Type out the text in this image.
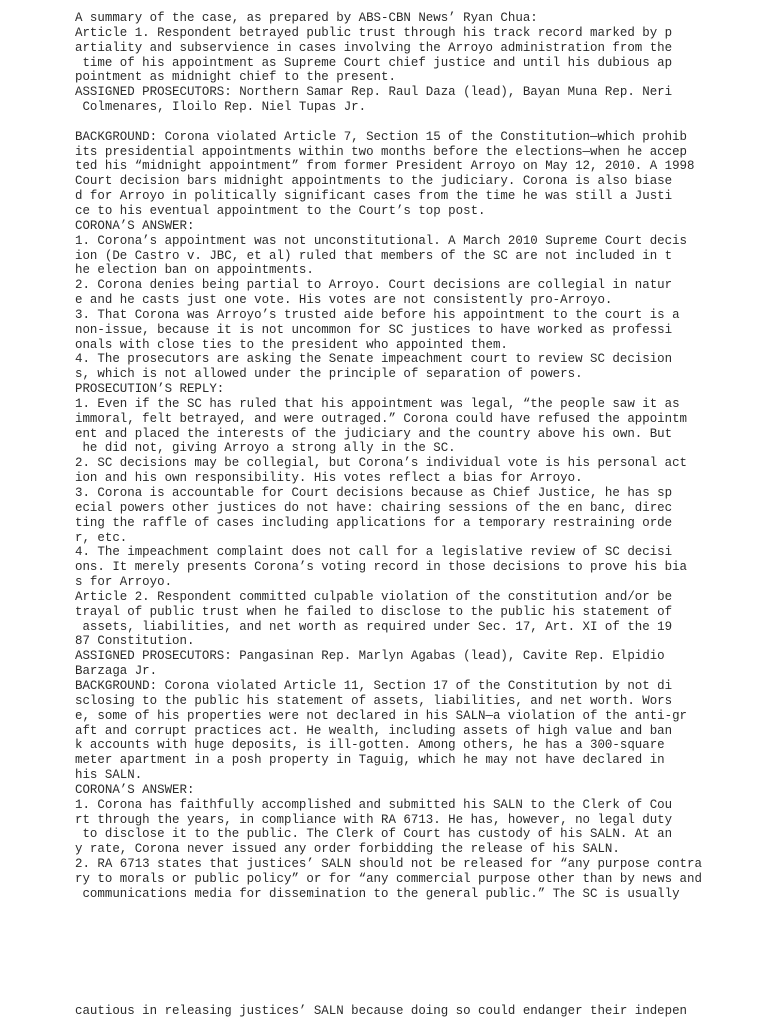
A summary of the case, as prepared by ABS-CBN News’ Ryan Chua:
Article 1. Respondent betrayed public trust through his track record marked by p
artiality and subservience in cases involving the Arroyo administration from the
time of his appointment as Supreme Court chief justice and until his dubious ap
pointment as midnight chief to the present.
ASSIGNED PROSECUTORS: Northern Samar Rep. Raul Daza (lead), Bayan Muna Rep. Neri
Colmenares, Iloilo Rep. Niel Tupas Jr.
BACKGROUND: Corona violated Article 7, Section 15 of the Constitution—which prohib
its presidential appointments within two months before the elections—when he accep
ted his “midnight appointment” from former President Arroyo on May 12, 2010. A 1998
Court decision bars midnight appointments to the judiciary. Corona is also biase
d for Arroyo in politically significant cases from the time he was still a Justi
ce to his eventual appointment to the Court’s top post.
CORONA’S ANSWER:
1. Corona’s appointment was not unconstitutional. A March 2010 Supreme Court decis
ion (De Castro v. JBC, et al) ruled that members of the SC are not included in t
he election ban on appointments.
2. Corona denies being partial to Arroyo. Court decisions are collegial in natur
e and he casts just one vote. His votes are not consistently pro-Arroyo.
3. That Corona was Arroyo’s trusted aide before his appointment to the court is a
non-issue, because it is not uncommon for SC justices to have worked as professi
onals with close ties to the president who appointed them.
4. The prosecutors are asking the Senate impeachment court to review SC decision
s, which is not allowed under the principle of separation of powers.
PROSECUTION’S REPLY:
1. Even if the SC has ruled that his appointment was legal, “the people saw it as
immoral, felt betrayed, and were outraged.” Corona could have refused the appointm
ent and placed the interests of the judiciary and the country above his own. But
he did not, giving Arroyo a strong ally in the SC.
2. SC decisions may be collegial, but Corona’s individual vote is his personal act
ion and his own responsibility. His votes reflect a bias for Arroyo.
3. Corona is accountable for Court decisions because as Chief Justice, he has sp
ecial powers other justices do not have: chairing sessions of the en banc, direc
ting the raffle of cases including applications for a temporary restraining orde
r, etc.
4. The impeachment complaint does not call for a legislative review of SC decisi
ons. It merely presents Corona’s voting record in those decisions to prove his bia
s for Arroyo.
Article 2. Respondent committed culpable violation of the constitution and/or be
trayal of public trust when he failed to disclose to the public his statement of
assets, liabilities, and net worth as required under Sec. 17, Art. XI of the 19
87 Constitution.
ASSIGNED PROSECUTORS: Pangasinan Rep. Marlyn Agabas (lead), Cavite Rep. Elpidio
Barzaga Jr.
BACKGROUND: Corona violated Article 11, Section 17 of the Constitution by not di
sclosing to the public his statement of assets, liabilities, and net worth. Wors
e, some of his properties were not declared in his SALN—a violation of the anti-gr
aft and corrupt practices act. He wealth, including assets of high value and ban
k accounts with huge deposits, is ill-gotten. Among others, he has a 300-square
meter apartment in a posh property in Taguig, which he may not have declared in
his SALN.
CORONA’S ANSWER:
1. Corona has faithfully accomplished and submitted his SALN to the Clerk of Cou
rt through the years, in compliance with RA 6713. He has, however, no legal duty
to disclose it to the public. The Clerk of Court has custody of his SALN. At an
y rate, Corona never issued any order forbidding the release of his SALN.
2. RA 6713 states that justices’ SALN should not be released for “any purpose contra
ry to morals or public policy” or for “any commercial purpose other than by news and
communications media for dissemination to the general public.” The SC is usually
cautious in releasing justices’ SALN because doing so could endanger their indepen
